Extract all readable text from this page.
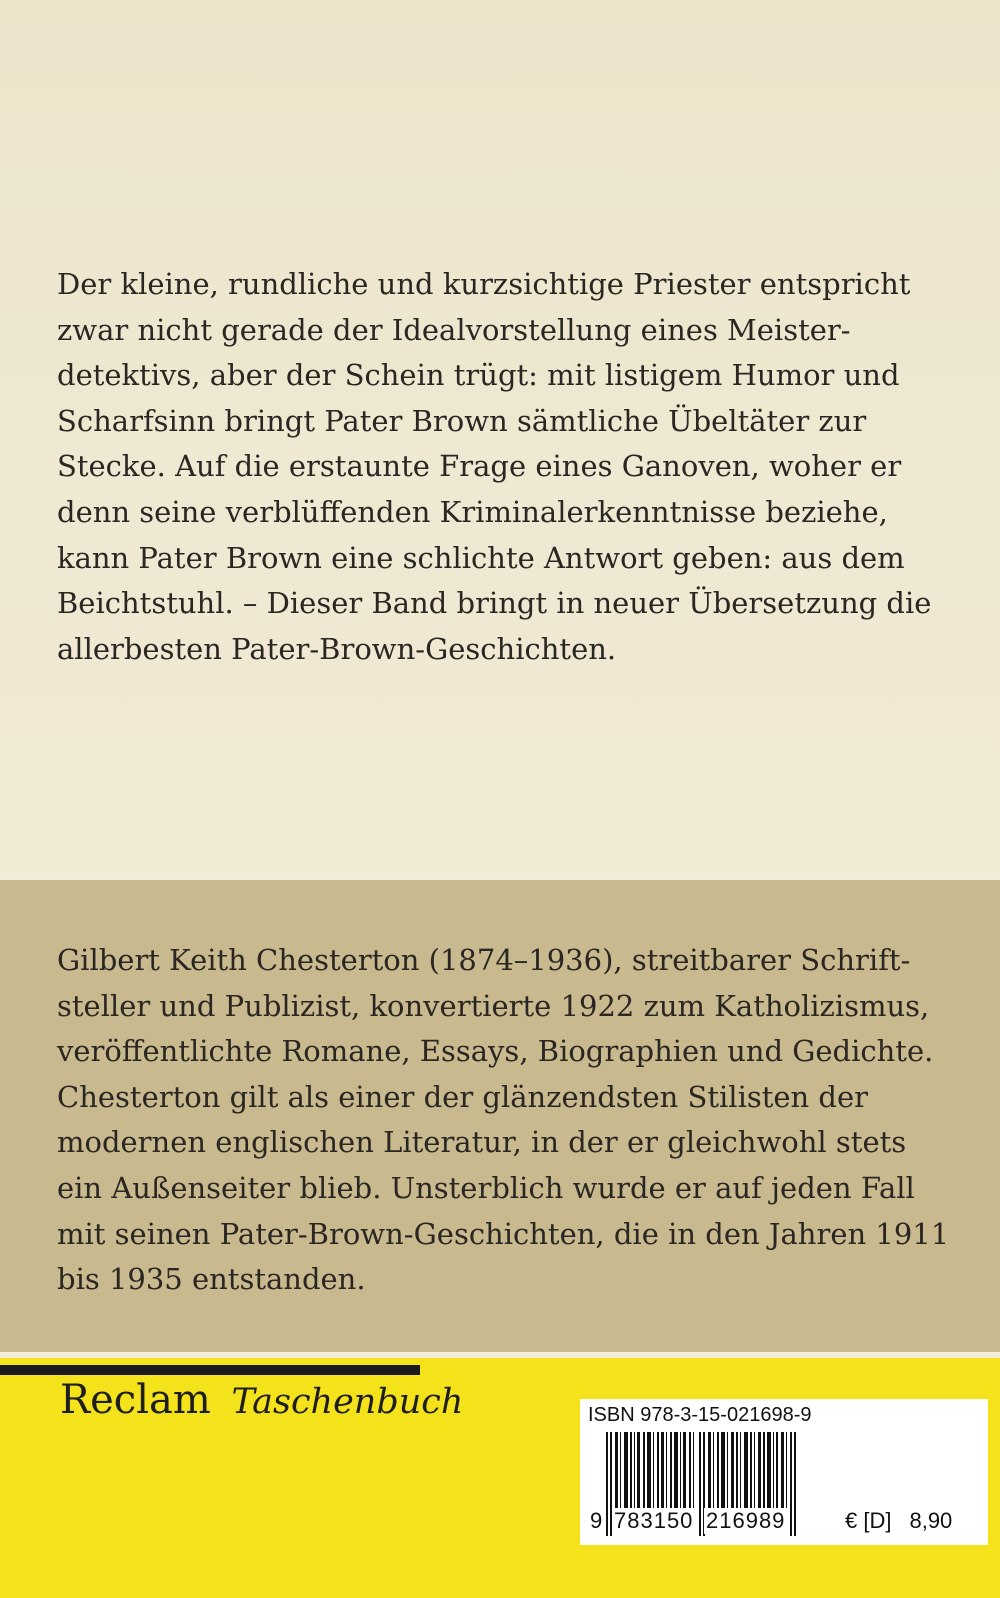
Der kleine, rundliche und kurzsichtige Priester entspricht
zwar nicht gerade der Idealvorstellung eines Meister-
detektivs, aber der Schein trügt: mit listigem Humor und
Scharfsinn bringt Pater Brown sämtliche Übeltäter zur
Stecke. Auf die erstaunte Frage eines Ganoven, woher er
denn seine verblüffenden Kriminalerkenntnisse beziehe,
kann Pater Brown eine schlichte Antwort geben: aus dem
Beichtstuhl. – Dieser Band bringt in neuer Übersetzung die
allerbesten Pater-Brown-Geschichten.

Gilbert Keith Chesterton (1874–1936), streitbarer Schrift-
steller und Publizist, konvertierte 1922 zum Katholizismus,
veröffentlichte Romane, Essays, Biographien und Gedichte.
Chesterton gilt als einer der glänzendsten Stilisten der
modernen englischen Literatur, in der er gleichwohl stets
ein Außenseiter blieb. Unsterblich wurde er auf jeden Fall
mit seinen Pater-Brown-Geschichten, die in den Jahren 1911
bis 1935 entstanden.

Reclam Taschenbuch	ISBN 978-3-15-021698-9
9 783150 216989	€ [D] 8,90
